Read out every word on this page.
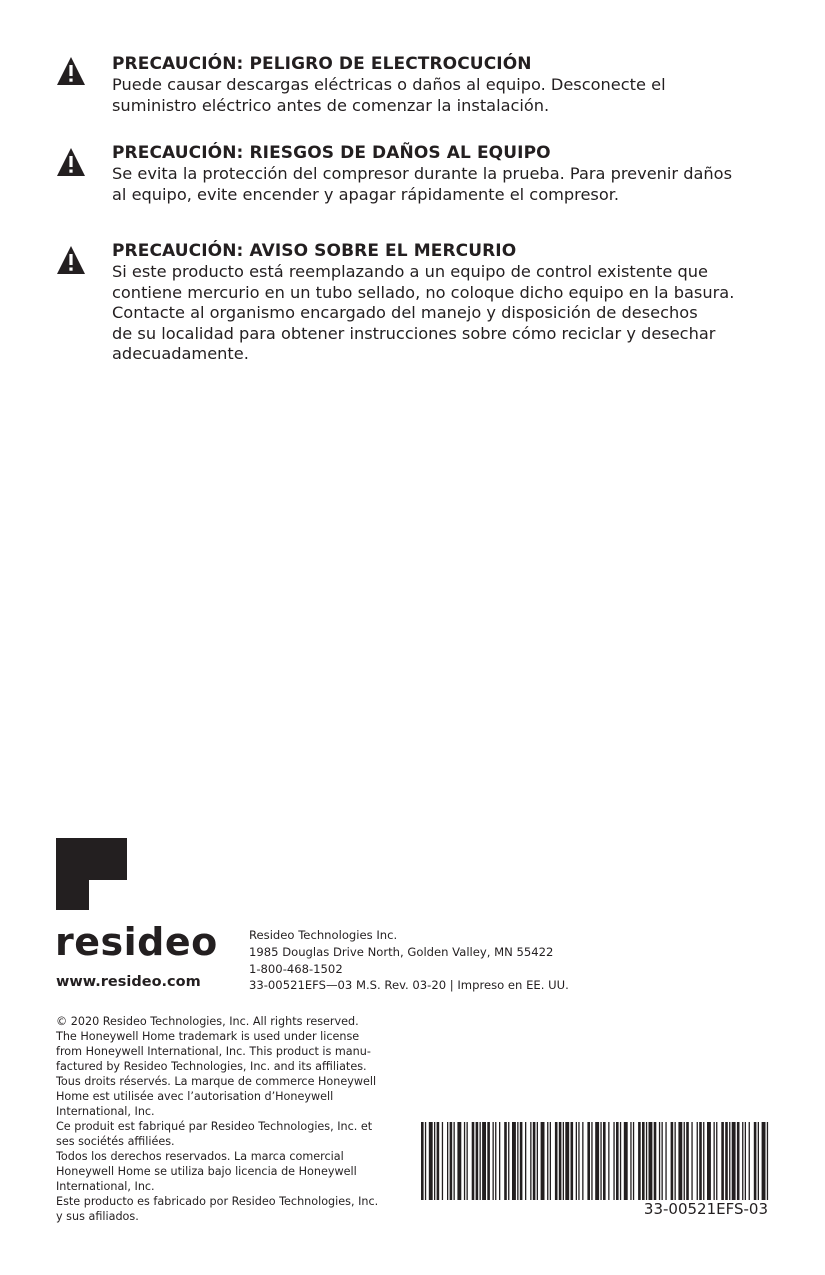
PRECAUCIÓN: PELIGRO DE ELECTROCUCIÓN

Puede causar descargas eléctricas o daños al equipo. Desconecte el
suministro eléctrico antes de comenzar la instalación.

PRECAUCIÓN: RIESGOS DE DAÑOS AL EQUIPO

Se evita la protección del compresor durante la prueba. Para prevenir daños
al equipo, evite encender y apagar rápidamente el compresor.

PRECAUCIÓN: AVISO SOBRE EL MERCURIO

Si este producto está reemplazando a un equipo de control existente que
contiene mercurio en un tubo sellado, no coloque dicho equipo en la basura.
Contacte al organismo encargado del manejo y disposición de desechos
de su localidad para obtener instrucciones sobre cómo reciclar y desechar
adecuadamente.

resideo
www.resideo.com
Resideo Technologies Inc.
1985 Douglas Drive North, Golden Valley, MN 55422
1-800-468-1502
33-00521EFS—03 M.S. Rev. 03-20 | Impreso en EE. UU.
© 2020 Resideo Technologies, Inc. All rights reserved.
The Honeywell Home trademark is used under license
from Honeywell International, Inc. This product is manu-
factured by Resideo Technologies, Inc. and its affiliates.
Tous droits réservés. La marque de commerce Honeywell
Home est utilisée avec l’autorisation d’Honeywell
International, Inc.
Ce produit est fabriqué par Resideo Technologies, Inc. et
ses sociétés affiliées.
Todos los derechos reservados. La marca comercial
Honeywell Home se utiliza bajo licencia de Honeywell
International, Inc.
Este producto es fabricado por Resideo Technologies, Inc.
y sus afiliados.	33-00521EFS-03
